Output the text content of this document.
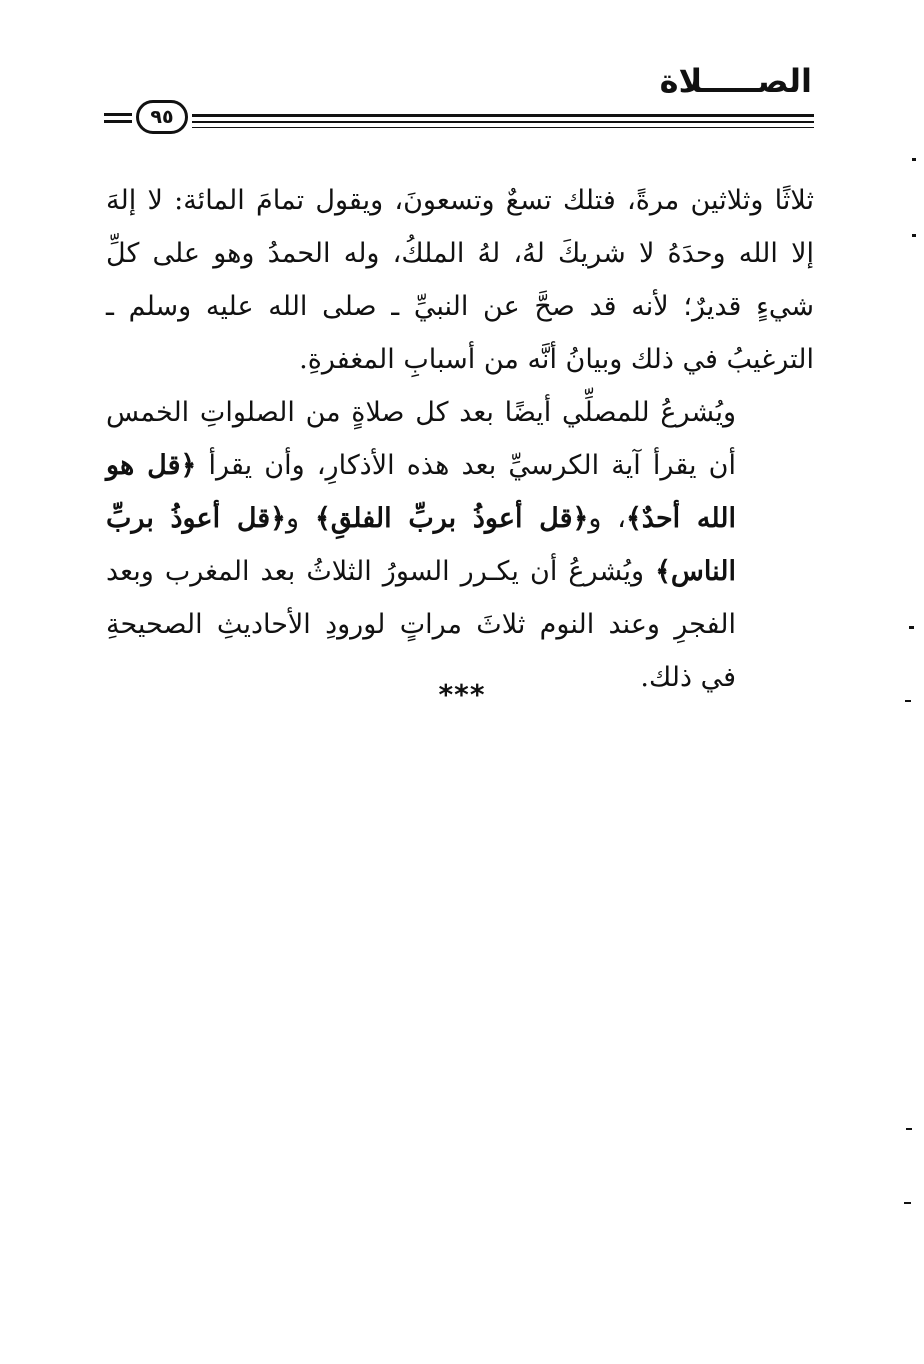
الصـــــلاة
٩٥

ثلاثًا وثلاثين مرةً، فتلك تسعٌ وتسعونَ، ويقول تمامَ المائة: لا إلهَ إلا الله وحدَهُ لا شريكَ لهُ، لهُ الملكُ، وله الحمدُ وهو على كلِّ شيءٍ قديرٌ؛ لأنه قد صحَّ عن النبيِّ ـ صلى الله عليه وسلم ـ الترغيبُ في ذلك وبيانُ أنَّه من أسبابِ المغفرةِ.

ويُشرعُ للمصلِّي أيضًا بعد كل صلاةٍ من الصلواتِ الخمس أن يقرأ آية الكرسيِّ بعد هذه الأذكارِ، وأن يقرأ ﴿قل هو الله أحدٌ﴾، و﴿قل أعوذُ بربِّ الفلقِ﴾ و﴿قل أعوذُ بربِّ الناس﴾ ويُشرعُ أن يكـرر السورُ الثلاثُ بعد المغرب وبعد الفجرِ وعند النوم ثلاثَ مراتٍ لورودِ الأحاديثِ الصحيحةِ في ذلك.

***
